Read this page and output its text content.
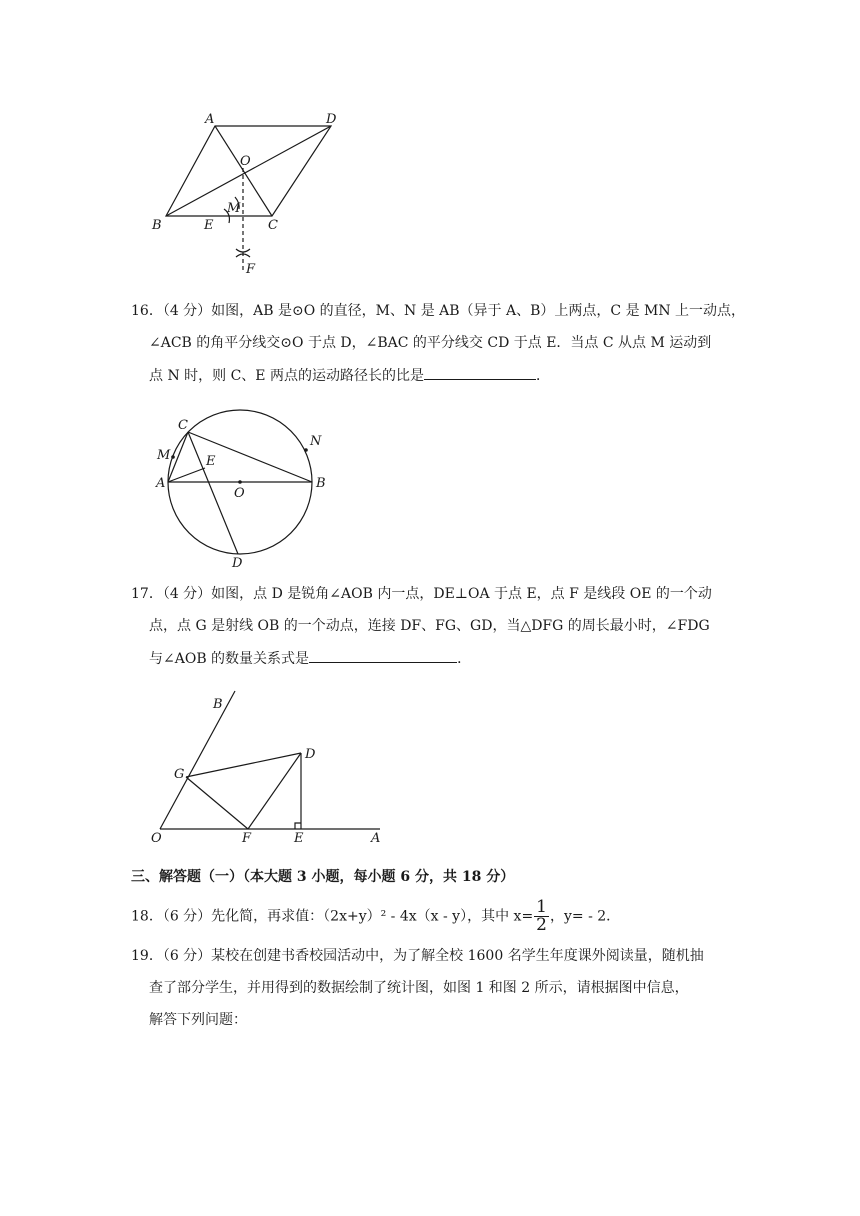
A	D
O
B	E
M
C
F
16．（4 分）如图，AB 是⊙O 的直径，M、N 是 AB（异于 A、B）上两点，C 是 MN 上一动点，
∠ACB 的角平分线交⊙O 于点 D，∠BAC 的平分线交 CD 于点 E．当点 C 从点 M 运动到
点 N 时，则 C、E 两点的运动路径长的比是	．
C
N
M	E
A
O
B
D
17．（4 分）如图，点 D 是锐角∠AOB 内一点，DE⊥OA 于点 E，点 F 是线段 OE 的一个动
点，点 G 是射线 OB 的一个动点，连接 DF、FG、GD，当△DFG 的周长最小时，∠FDG
与∠AOB 的数量关系式是	．
B
D
G
O	F	E	A
三、解答题（一）（本大题 3 小题，每小题 6 分，共 18 分）
18．（6 分）先化简，再求值：（2x+y）² - 4x（x - y），其中 $x= \frac{1}{2}$ ，y= - 2．
19．（6 分）某校在创建书香校园活动中，为了解全校 1600 名学生年度课外阅读量，随机抽
查了部分学生，并用得到的数据绘制了统计图，如图 1 和图 2 所示，请根据图中信息，
解答下列问题：
